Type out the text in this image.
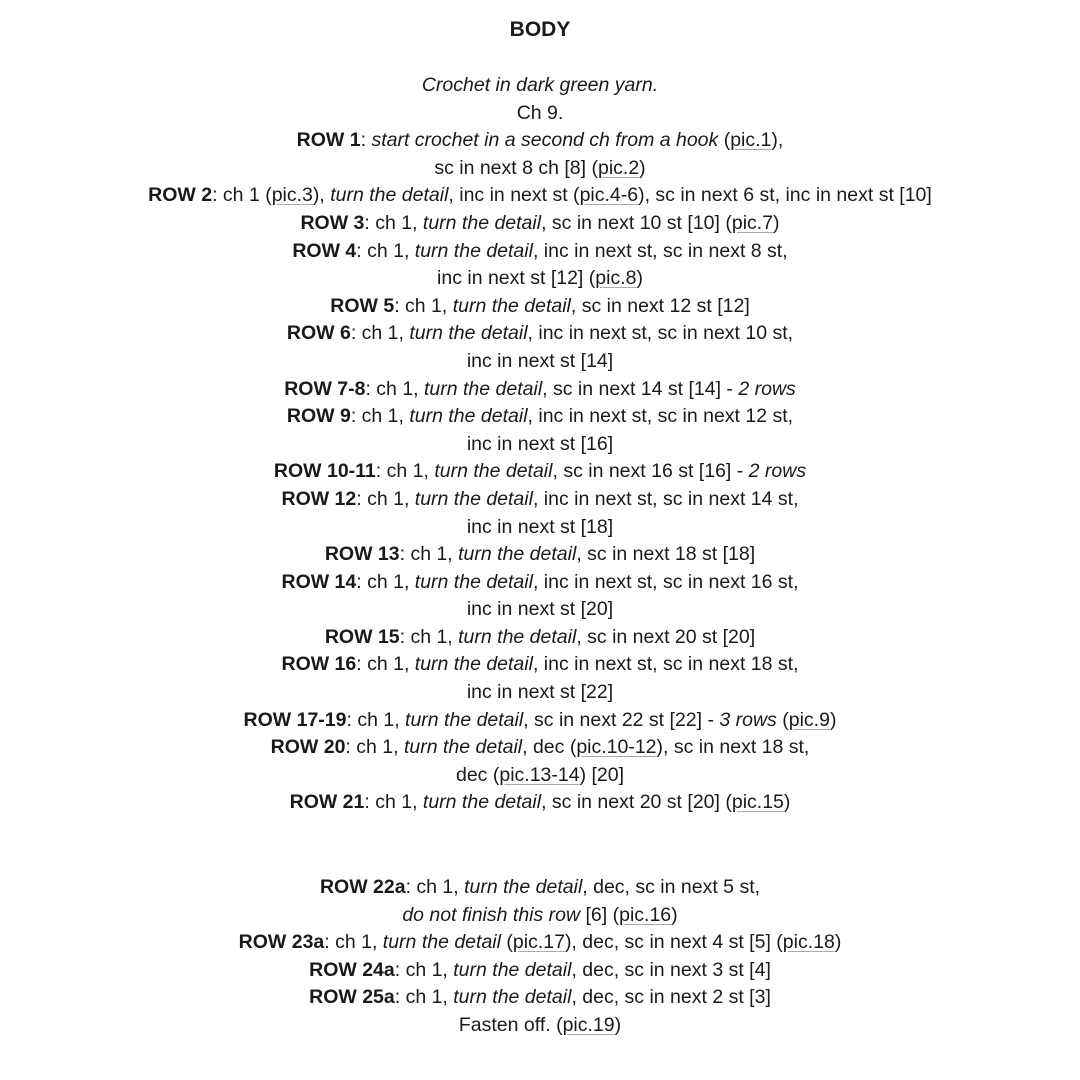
BODY
Crochet in dark green yarn.
Ch 9.
ROW 1: start crochet in a second ch from a hook (pic.1),
sc in next 8 ch [8] (pic.2)
ROW 2: ch 1 (pic.3), turn the detail, inc in next st (pic.4-6), sc in next 6 st, inc in next st [10]
ROW 3: ch 1, turn the detail, sc in next 10 st [10] (pic.7)
ROW 4: ch 1, turn the detail, inc in next st, sc in next 8 st,
inc in next st [12] (pic.8)
ROW 5: ch 1, turn the detail, sc in next 12 st [12]
ROW 6: ch 1, turn the detail, inc in next st, sc in next 10 st,
inc in next st [14]
ROW 7-8: ch 1, turn the detail, sc in next 14 st [14] - 2 rows
ROW 9: ch 1, turn the detail, inc in next st, sc in next 12 st,
inc in next st [16]
ROW 10-11: ch 1, turn the detail, sc in next 16 st [16] - 2 rows
ROW 12: ch 1, turn the detail, inc in next st, sc in next 14 st,
inc in next st [18]
ROW 13: ch 1, turn the detail, sc in next 18 st [18]
ROW 14: ch 1, turn the detail, inc in next st, sc in next 16 st,
inc in next st [20]
ROW 15: ch 1, turn the detail, sc in next 20 st [20]
ROW 16: ch 1, turn the detail, inc in next st, sc in next 18 st,
inc in next st [22]
ROW 17-19: ch 1, turn the detail, sc in next 22 st [22] - 3 rows (pic.9)
ROW 20: ch 1, turn the detail, dec (pic.10-12), sc in next 18 st,
dec (pic.13-14) [20]
ROW 21: ch 1, turn the detail, sc in next 20 st [20] (pic.15)
ROW 22a: ch 1, turn the detail, dec, sc in next 5 st,
do not finish this row [6] (pic.16)
ROW 23a: ch 1, turn the detail (pic.17), dec, sc in next 4 st [5] (pic.18)
ROW 24a: ch 1, turn the detail, dec, sc in next 3 st [4]
ROW 25a: ch 1, turn the detail, dec, sc in next 2 st [3]
Fasten off. (pic.19)
